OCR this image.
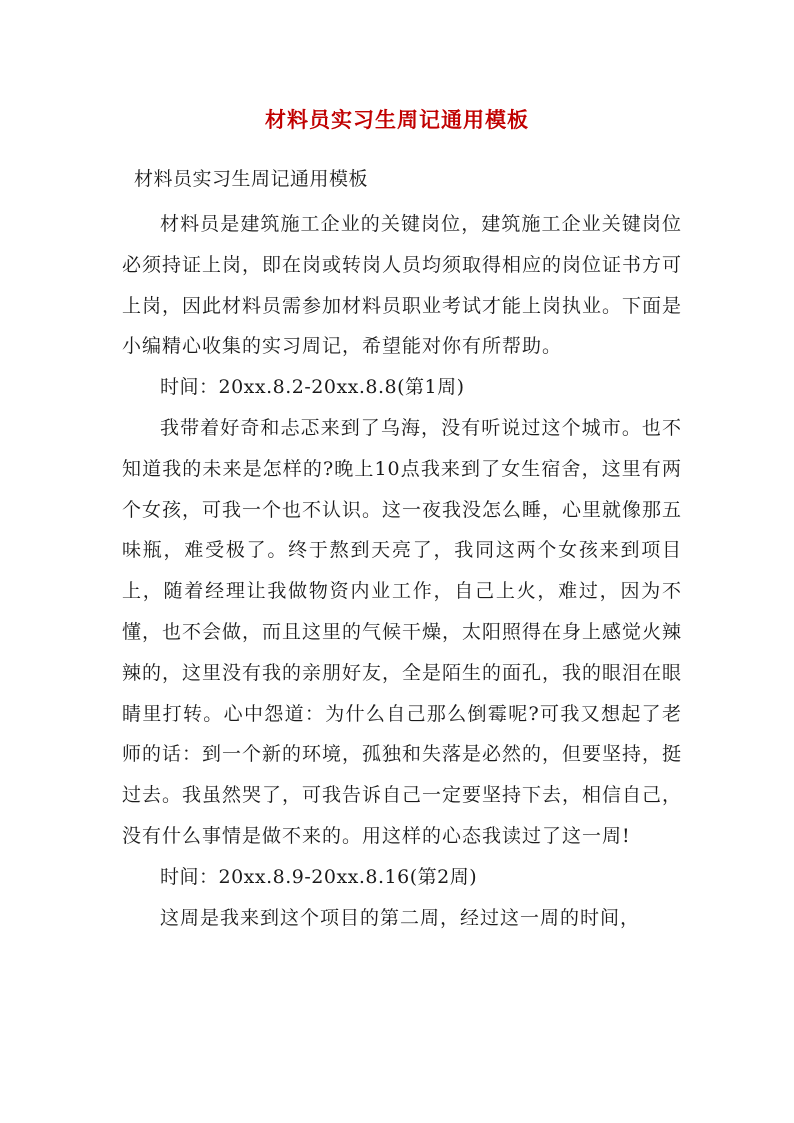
材料员实习生周记通用模板
材料员实习生周记通用模板

材料员是建筑施工企业的关键岗位，建筑施工企业关键岗位必须持证上岗，即在岗或转岗人员均须取得相应的岗位证书方可上岗，因此材料员需参加材料员职业考试才能上岗执业。下面是小编精心收集的实习周记，希望能对你有所帮助。

时间：20xx.8.2-20xx.8.8(第1周)

我带着好奇和忐忑来到了乌海，没有听说过这个城市。也不知道我的未来是怎样的?晚上10点我来到了女生宿舍，这里有两个女孩，可我一个也不认识。这一夜我没怎么睡，心里就像那五味瓶，难受极了。终于熬到天亮了，我同这两个女孩来到项目上，随着经理让我做物资内业工作，自己上火，难过，因为不懂，也不会做，而且这里的气候干燥，太阳照得在身上感觉火辣辣的，这里没有我的亲朋好友，全是陌生的面孔，我的眼泪在眼睛里打转。心中怨道：为什么自己那么倒霉呢?可我又想起了老师的话：到一个新的环境，孤独和失落是必然的，但要坚持，挺过去。我虽然哭了，可我告诉自己一定要坚持下去，相信自己，没有什么事情是做不来的。用这样的心态我读过了这一周!

时间：20xx.8.9-20xx.8.16(第2周)

这周是我来到这个项目的第二周，经过这一周的时间，
